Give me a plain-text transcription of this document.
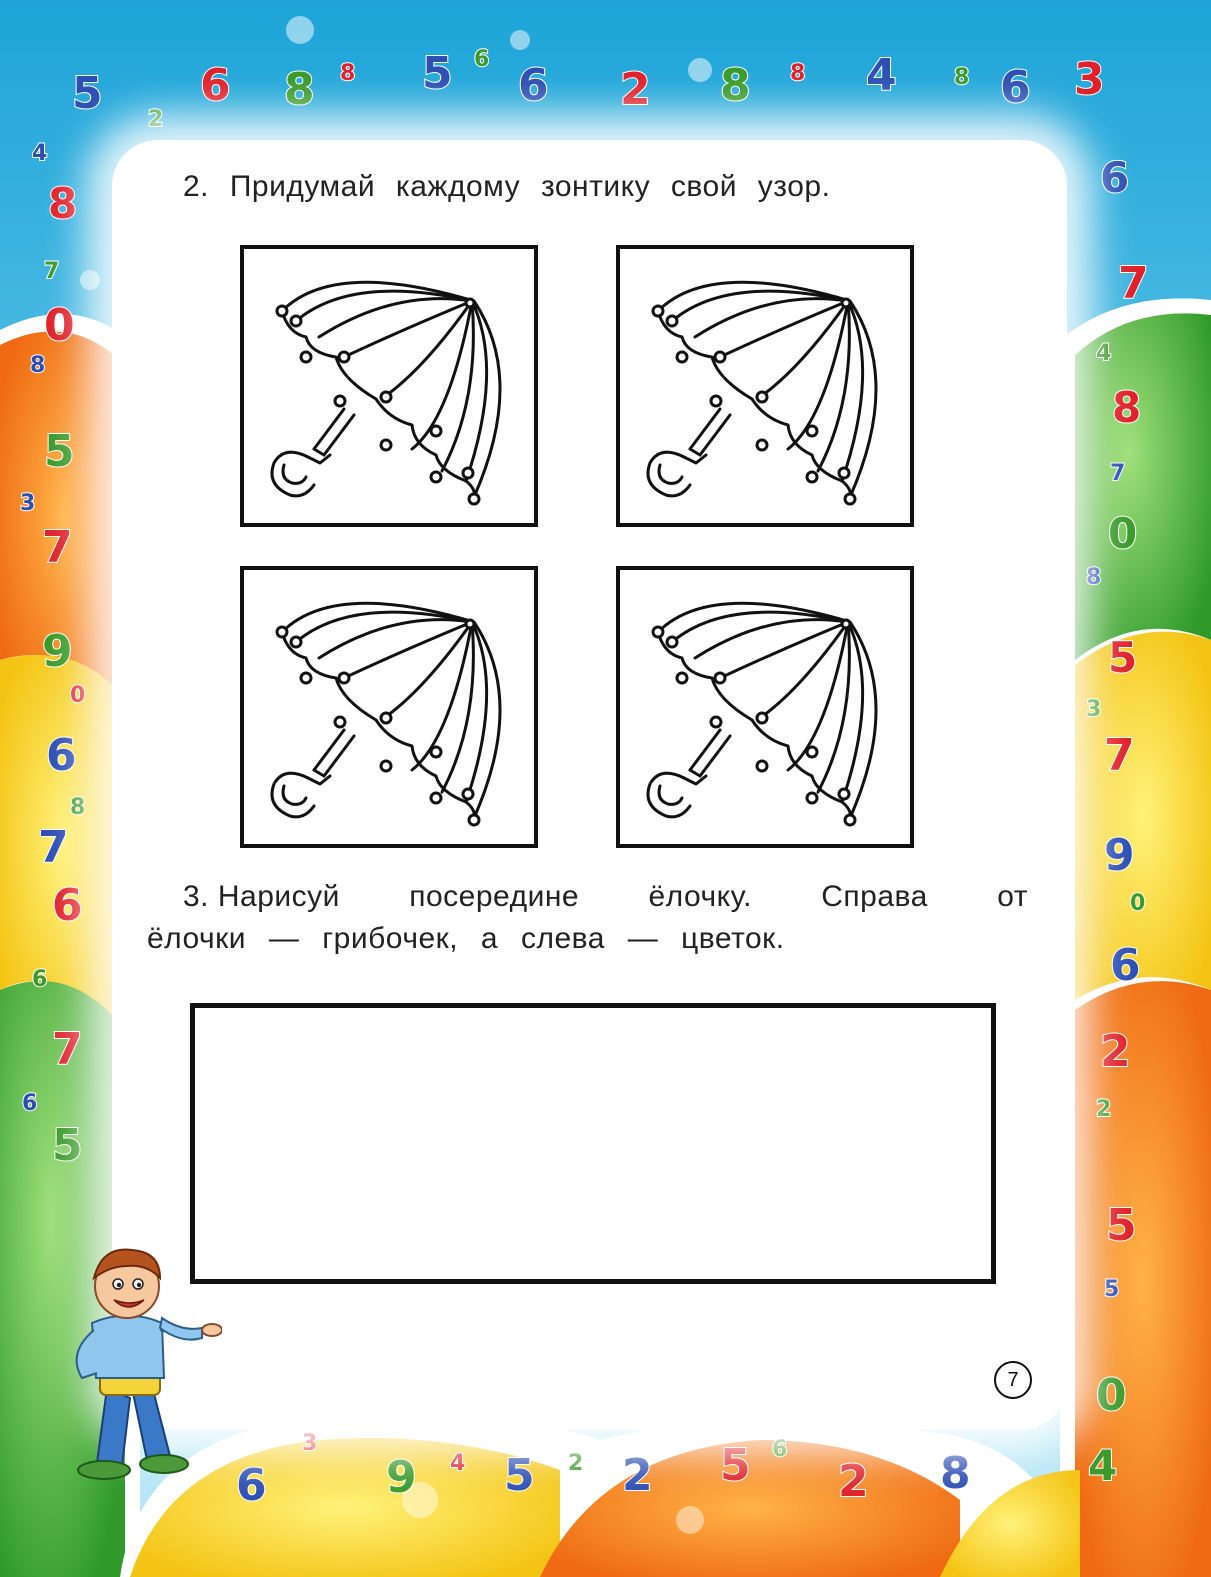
5 6 8 8 5 6
6 2 8 8 4	8 6 3
2
4
8
7
0
8
5
3
7
9
0
6
8
7
6
6
7
6
5
6
7
4
8
7
0
8
5
3
7
9
0
6
2
2
5
5
0
6
3
9 4 5 2 2 5 6
2 8	4
2. Придумай каждому зонтику свой узор.
3. Нарисуй посередине ёлочку. Справа от
ёлочки — грибочек, а слева — цветок.
7
